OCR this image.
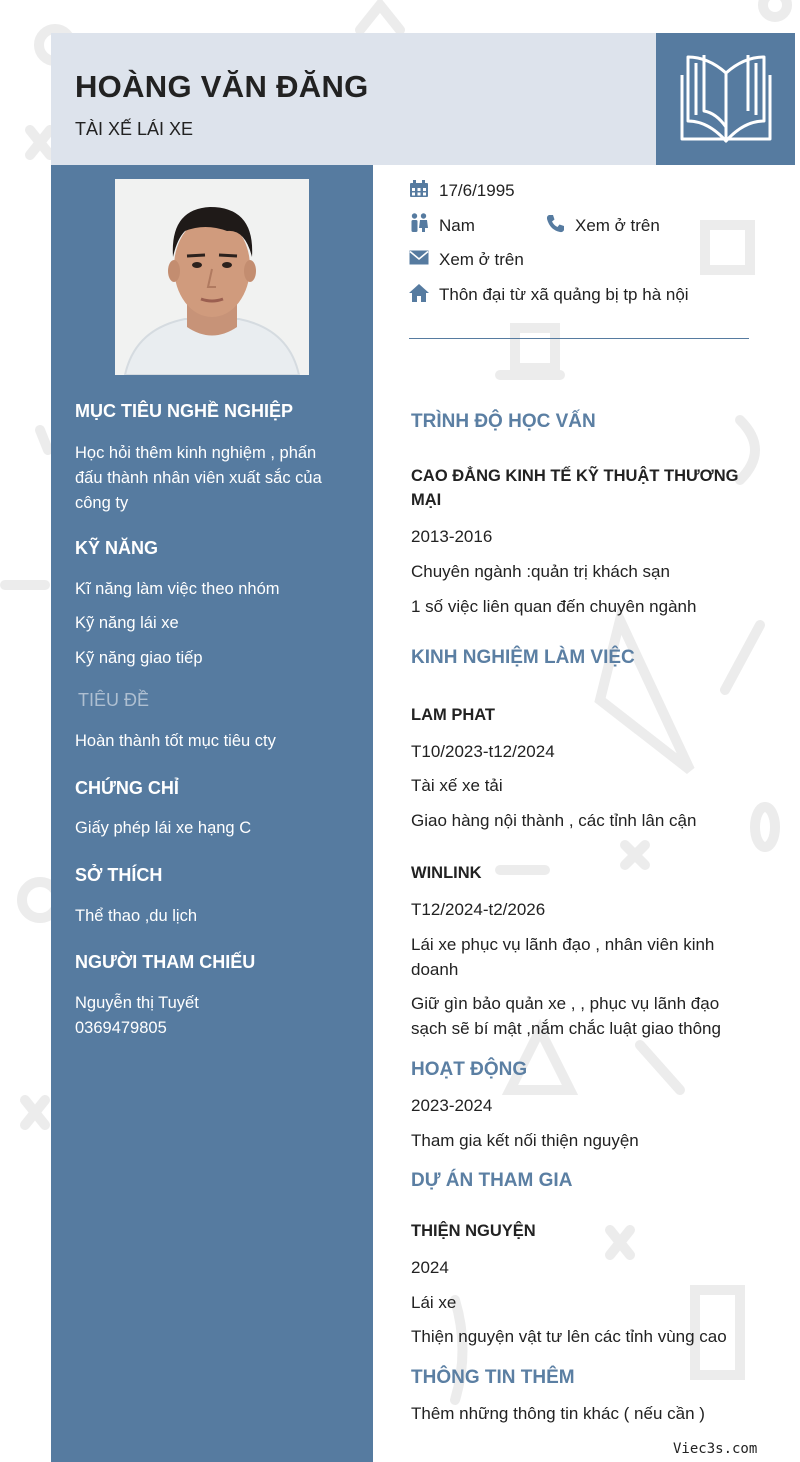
HOÀNG VĂN ĐĂNG
TÀI XẾ LÁI XE
MỤC TIÊU NGHỀ NGHIỆP
Học hỏi thêm kinh nghiệm , phấn đấu thành nhân viên xuất sắc của công ty
KỸ NĂNG
Kĩ năng làm việc theo nhóm
Kỹ năng lái xe
Kỹ năng giao tiếp
TIÊU ĐỀ
Hoàn thành tốt mục tiêu cty
CHỨNG CHỈ
Giấy phép lái xe hạng C
SỞ THÍCH
Thể thao ,du lịch
NGƯỜI THAM CHIẾU
Nguyễn thị Tuyết
0369479805
17/6/1995
Nam	Xem ở trên
Xem ở trên
Thôn đại từ xã quảng bị tp hà nội
TRÌNH ĐỘ HỌC VẤN
CAO ĐẲNG KINH TẾ KỸ THUẬT THƯƠNG MẠI
2013-2016
Chuyên ngành :quản trị khách sạn
1 số việc liên quan đến chuyên ngành
KINH NGHIỆM LÀM VIỆC
LAM PHAT
T10/2023-t12/2024
Tài xế xe tải
Giao hàng nội thành , các tỉnh lân cận
WINLINK
T12/2024-t2/2026
Lái xe phục vụ lãnh đạo , nhân viên kinh doanh
Giữ gìn bảo quản xe , , phục vụ lãnh đạo sạch sẽ bí mật ,nắm chắc luật giao thông
HOẠT ĐỘNG
2023-2024
Tham gia kết nối thiện nguyện
DỰ ÁN THAM GIA
THIỆN NGUYỆN
2024
Lái xe
Thiện nguyện vật tư lên các tỉnh vùng cao
THÔNG TIN THÊM
Thêm những thông tin khác ( nếu cần )
Viec3s.com
